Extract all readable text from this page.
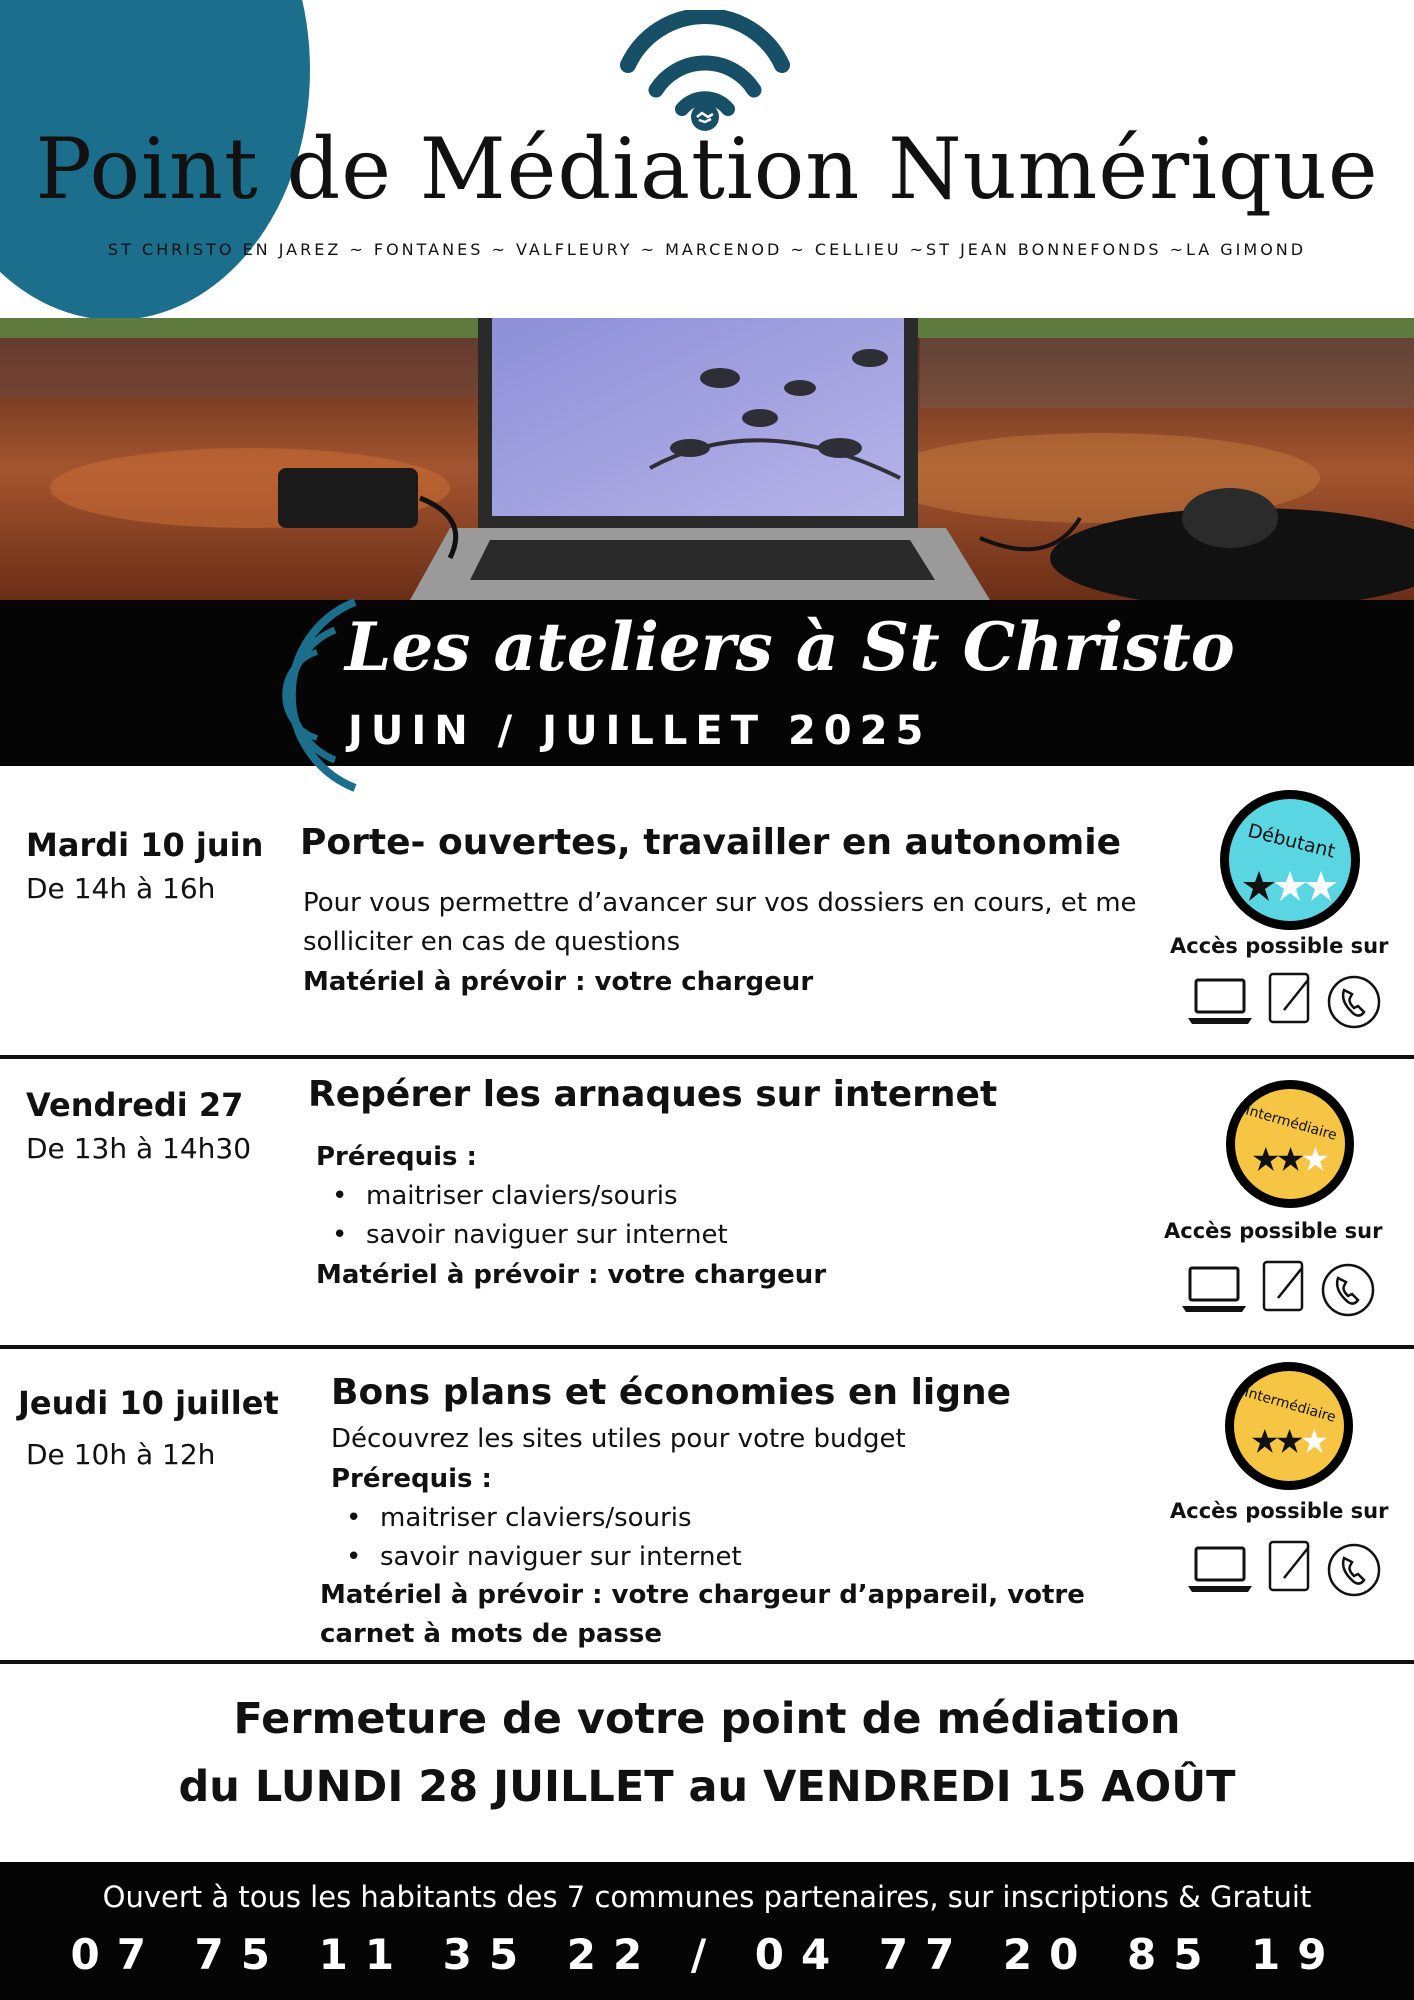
Point de Médiation Numérique
ST CHRISTO EN JAREZ ~ FONTANES ~ VALFLEURY ~ MARCENOD ~ CELLIEU ~ST JEAN BONNEFONDS ~LA GIMOND
Les ateliers à St Christo
JUIN / JUILLET 2025
Mardi 10 juin
De 14h à 16h
Porte- ouvertes, travailler en autonomie
Pour vous permettre d’avancer sur vos dossiers en cours, et me solliciter en cas de questions
Matériel à prévoir : votre chargeur
Débutant
Accès possible sur
Vendredi 27
De 13h à 14h30
Repérer les arnaques sur internet
Prérequis :
• maitriser claviers/souris
• savoir naviguer sur internet
Matériel à prévoir : votre chargeur
Intermédiaire
Accès possible sur
Jeudi 10 juillet
De 10h à 12h
Bons plans et économies en ligne
Découvrez les sites utiles pour votre budget
Prérequis :
• maitriser claviers/souris
• savoir naviguer sur internet
Matériel à prévoir : votre chargeur d’appareil, votre
carnet à mots de passe
Intermédiaire
Accès possible sur
Fermeture de votre point de médiation
du LUNDI 28 JUILLET au VENDREDI 15 AOÛT
Ouvert à tous les habitants des 7 communes partenaires, sur inscriptions & Gratuit
07 75 11 35 22 / 04 77 20 85 19
